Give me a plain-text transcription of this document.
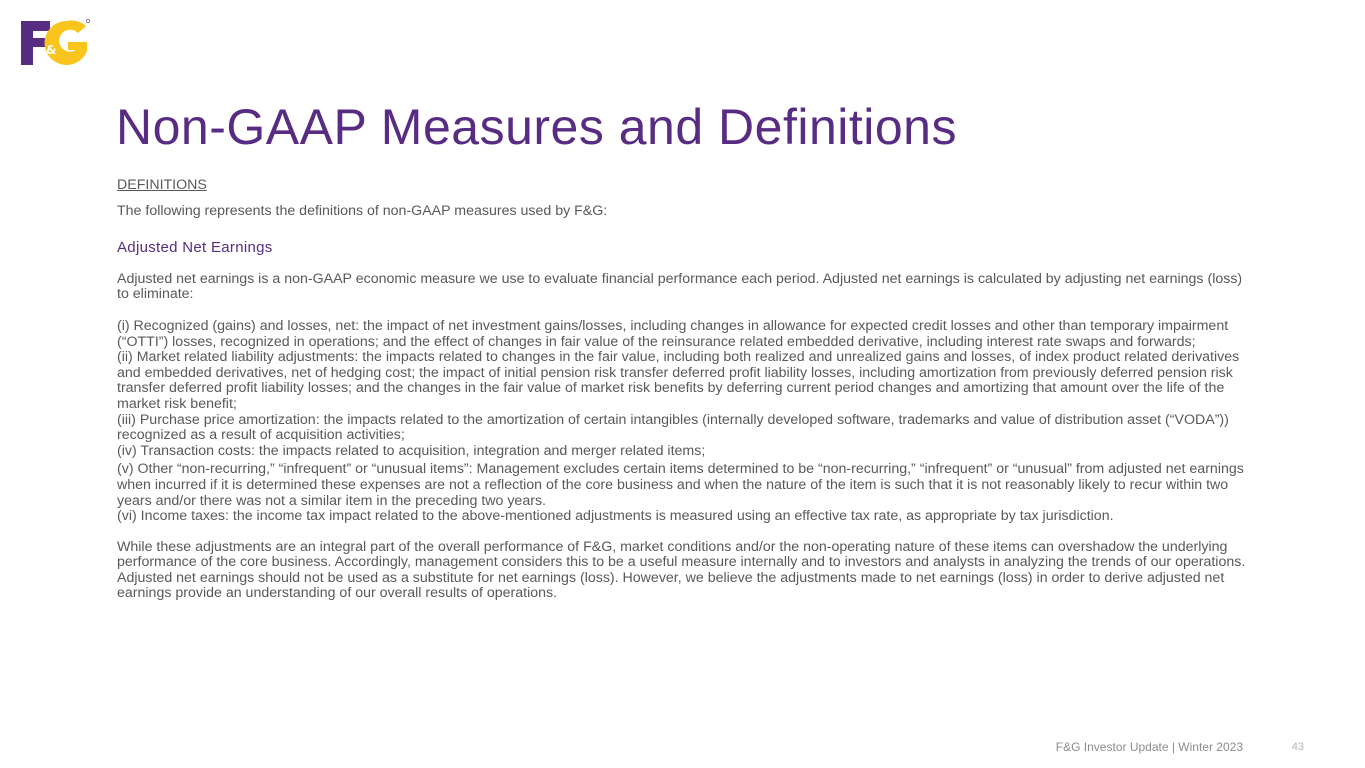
&
Non-GAAP Measures and Definitions

DEFINITIONS

The following represents the definitions of non-GAAP measures used by F&G:

Adjusted Net Earnings

Adjusted net earnings is a non-GAAP economic measure we use to evaluate financial performance each period. Adjusted net earnings is calculated by adjusting net earnings (loss) to eliminate:

(i) Recognized (gains) and losses, net: the impact of net investment gains/losses, including changes in allowance for expected credit losses and other than temporary impairment (“OTTI”) losses, recognized in operations; and the effect of changes in fair value of the reinsurance related embedded derivative, including interest rate swaps and forwards;
(ii) Market related liability adjustments: the impacts related to changes in the fair value, including both realized and unrealized gains and losses, of index product related derivatives and embedded derivatives, net of hedging cost; the impact of initial pension risk transfer deferred profit liability losses, including amortization from previously deferred pension risk transfer deferred profit liability losses; and the changes in the fair value of market risk benefits by deferring current period changes and amortizing that amount over the life of the market risk benefit;
(iii) Purchase price amortization: the impacts related to the amortization of certain intangibles (internally developed software, trademarks and value of distribution asset (“VODA”)) recognized as a result of acquisition activities;
(iv) Transaction costs: the impacts related to acquisition, integration and merger related items;
(v) Other “non-recurring,” “infrequent” or “unusual items”: Management excludes certain items determined to be “non-recurring,” “infrequent” or “unusual” from adjusted net earnings when incurred if it is determined these expenses are not a reflection of the core business and when the nature of the item is such that it is not reasonably likely to recur within two years and/or there was not a similar item in the preceding two years.
(vi) Income taxes: the income tax impact related to the above-mentioned adjustments is measured using an effective tax rate, as appropriate by tax jurisdiction.

While these adjustments are an integral part of the overall performance of F&G, market conditions and/or the non-operating nature of these items can overshadow the underlying performance of the core business. Accordingly, management considers this to be a useful measure internally and to investors and analysts in analyzing the trends of our operations. Adjusted net earnings should not be used as a substitute for net earnings (loss). However, we believe the adjustments made to net earnings (loss) in order to derive adjusted net earnings provide an understanding of our overall results of operations.

F&G Investor Update | Winter 2023	43
